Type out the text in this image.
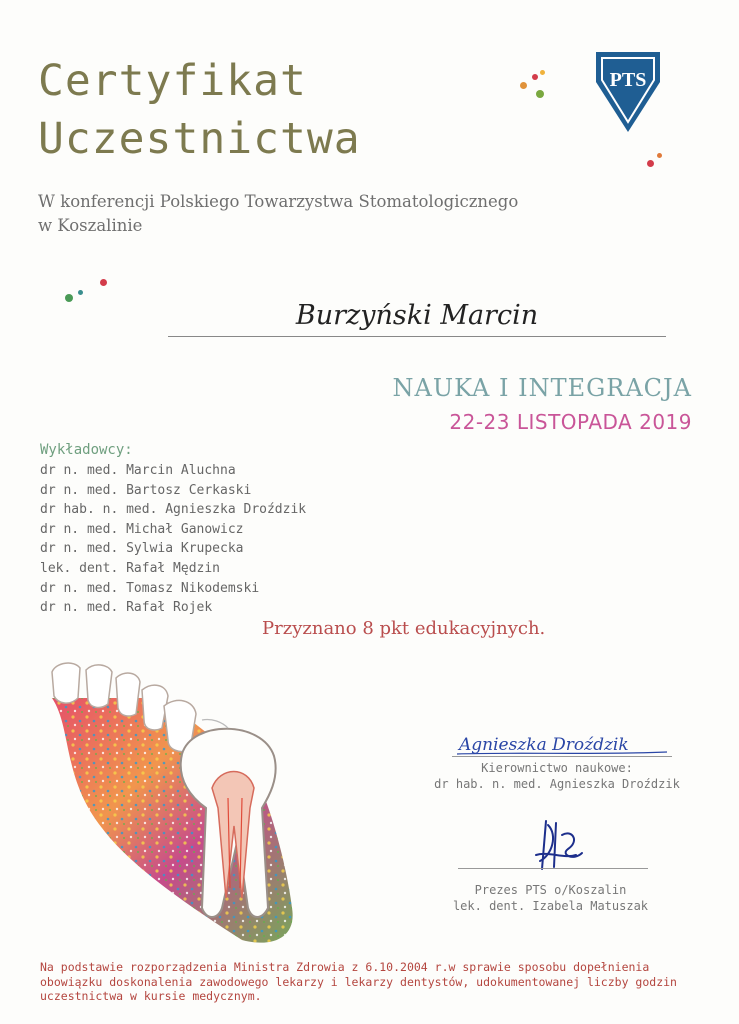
Certyfikat
Uczestnictwa
PTS
W konferencji Polskiego Towarzystwa Stomatologicznego
w Koszalinie
Burzyński Marcin
NAUKA I INTEGRACJA
22-23 LISTOPADA 2019
Wykładowcy:
dr n. med. Marcin Aluchna
dr n. med. Bartosz Cerkaski
dr hab. n. med. Agnieszka Droździk
dr n. med. Michał Ganowicz
dr n. med. Sylwia Krupecka
lek. dent. Rafał Mędzin
dr n. med. Tomasz Nikodemski
dr n. med. Rafał Rojek
Przyznano 8 pkt edukacyjnych.
Agnieszka Droździk
Kierownictwo naukowe:
dr hab. n. med. Agnieszka Droździk
Prezes PTS o/Koszalin
lek. dent. Izabela Matuszak
Na podstawie rozporządzenia Ministra Zdrowia z 6.10.2004 r.w sprawie sposobu dopełnienia obowiązku doskonalenia zawodowego lekarzy i lekarzy dentystów, udokumentowanej liczby godzin uczestnictwa w kursie medycznym.
